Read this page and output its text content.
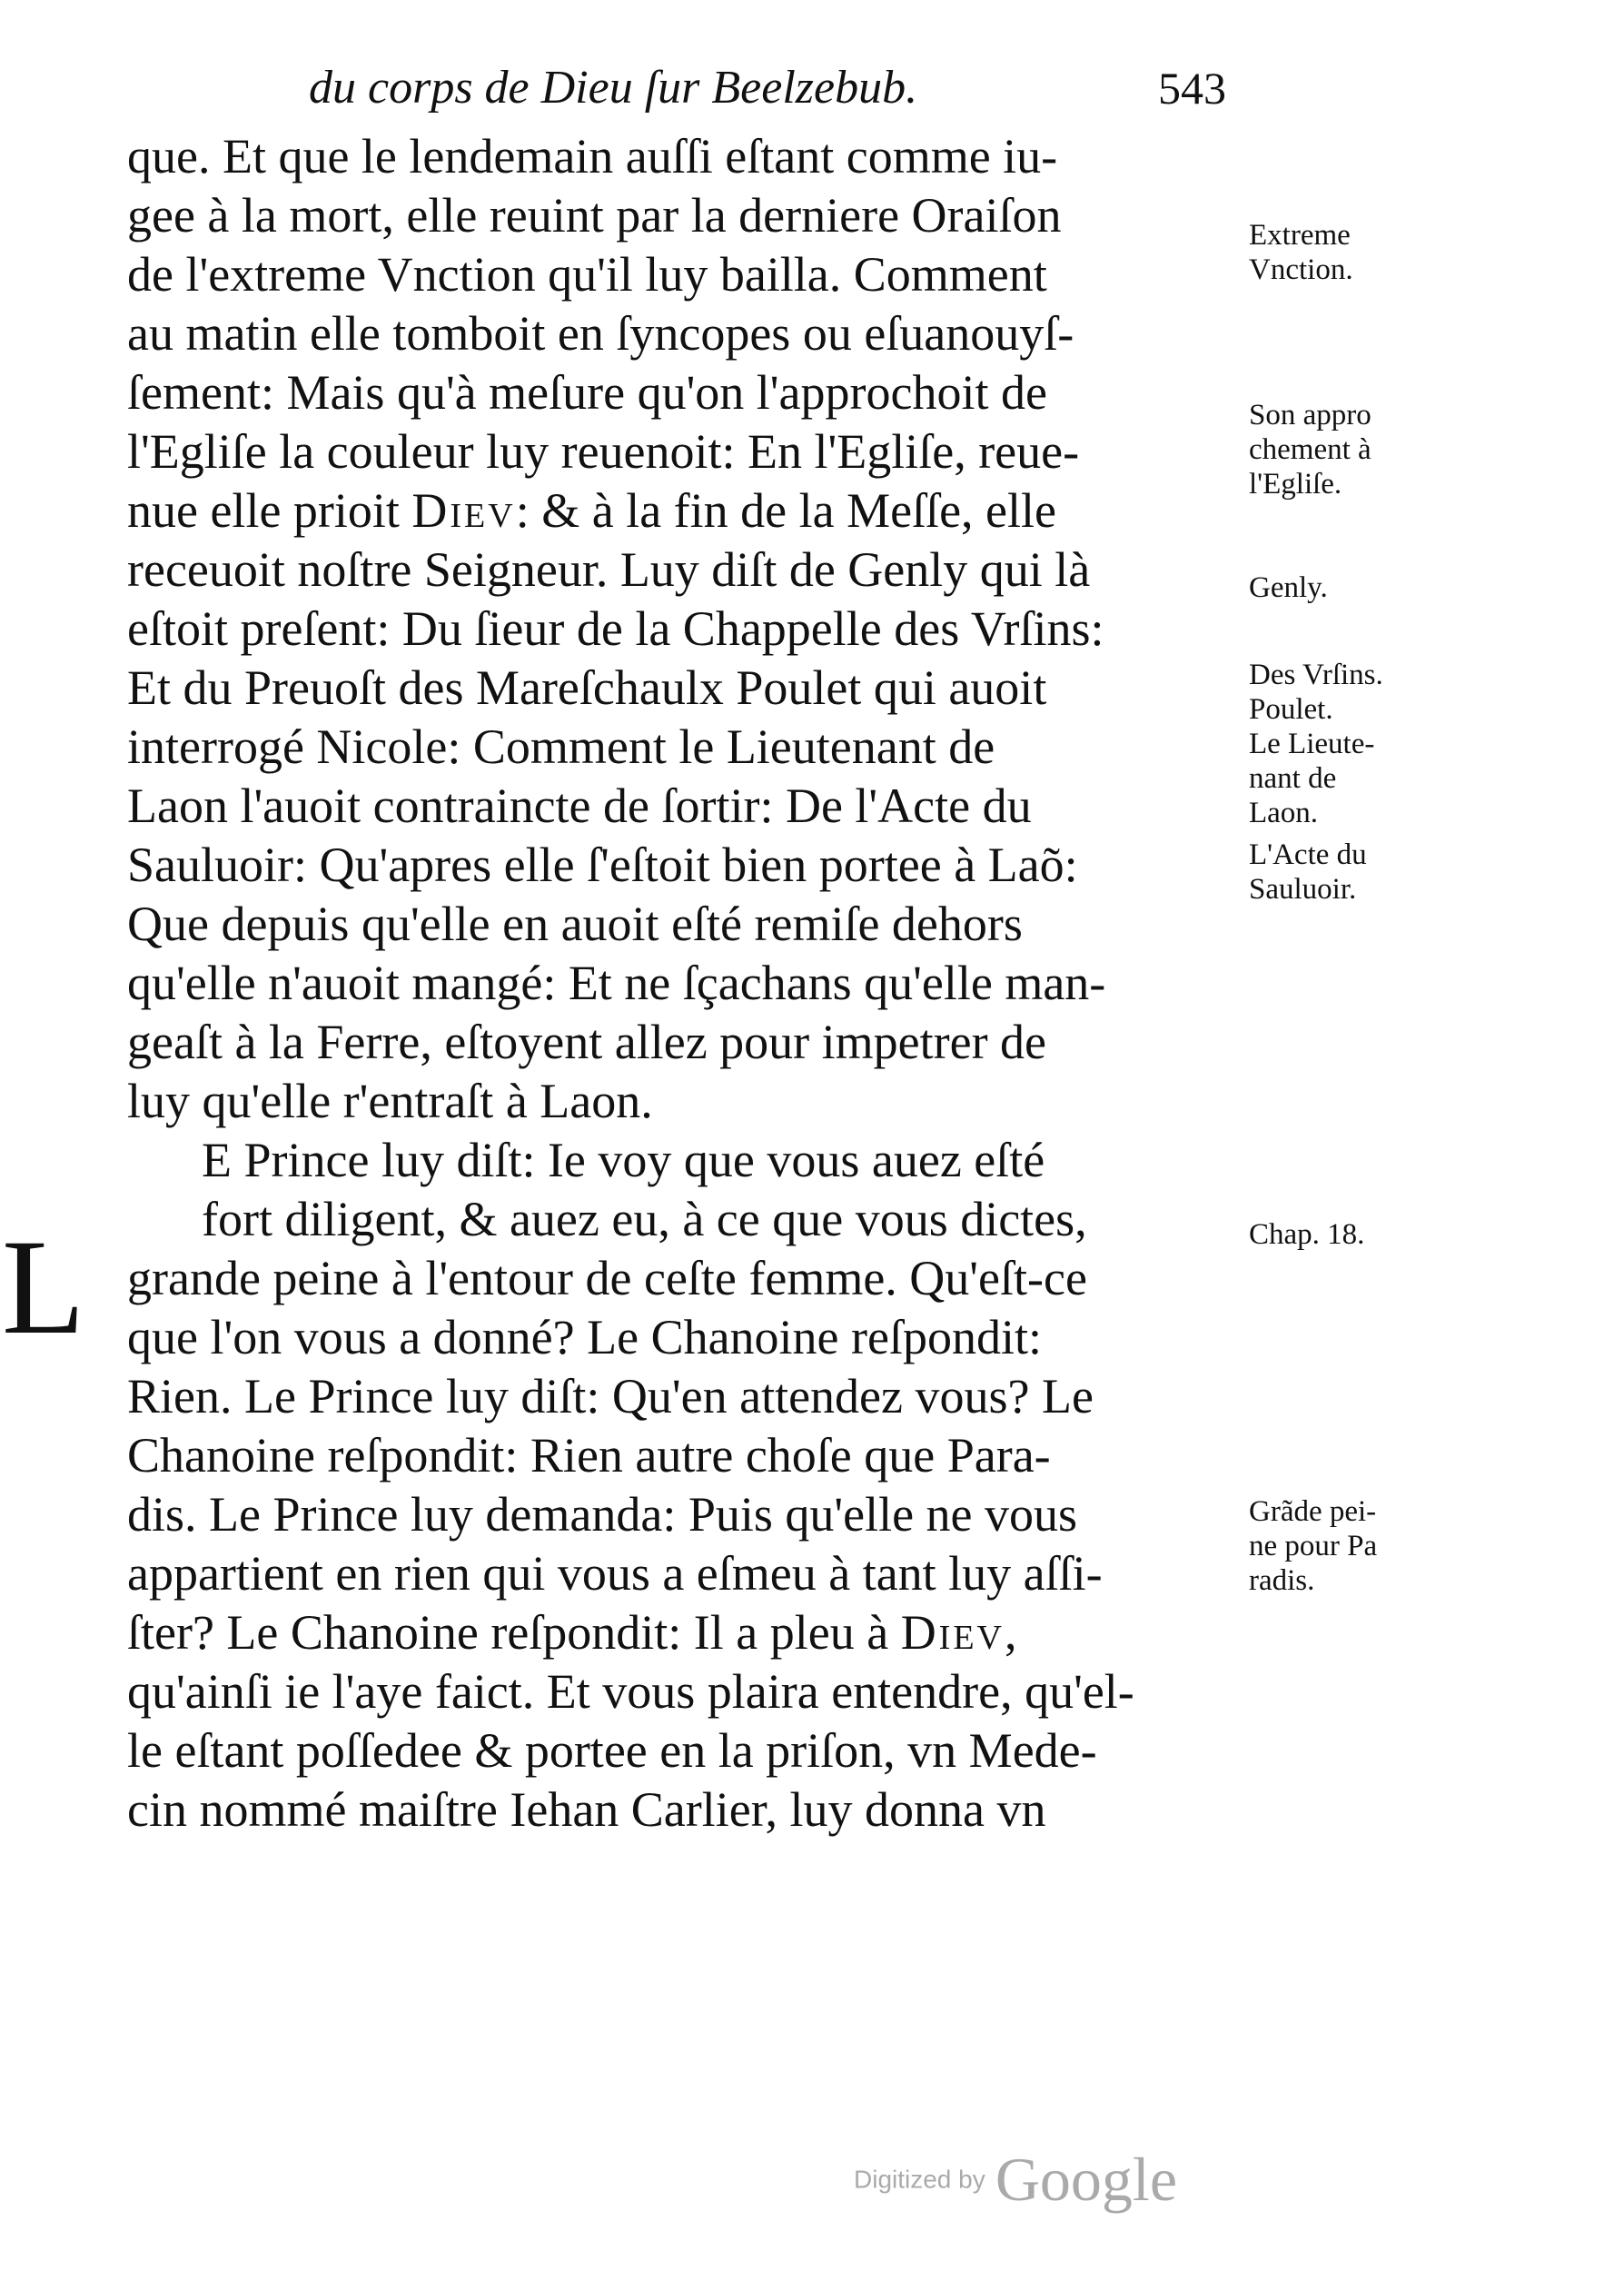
du corps de Dieu ſur Beelzebub.	543
que. Et que le lendemain auſſi eſtant comme iu-
gee à la mort, elle reuint par la derniere Oraiſon
de l'extreme Vnction qu'il luy bailla. Comment
au matin elle tomboit en ſyncopes ou eſuanouyſ-
ſement: Mais qu'à meſure qu'on l'approchoit de
l'Egliſe la couleur luy reuenoit: En l'Egliſe, reue-
nue elle prioit Diev: & à la fin de la Meſſe, elle
receuoit noſtre Seigneur. Luy diſt de Genly qui là
eſtoit preſent: Du ſieur de la Chappelle des Vrſins:
Et du Preuoſt des Mareſchaulx Poulet qui auoit
interrogé Nicole: Comment le Lieutenant de
Laon l'auoit contraincte de ſortir: De l'Acte du
Sauluoir: Qu'apres elle ſ'eſtoit bien portee à Laõ:
Que depuis qu'elle en auoit eſté remiſe dehors
qu'elle n'auoit mangé: Et ne ſçachans qu'elle man-
geaſt à la Ferre, eſtoyent allez pour impetrer de
luy qu'elle r'entraſt à Laon.
E Prince luy diſt: Ie voy que vous auez eſté
fort diligent, & auez eu, à ce que vous dictes,
grande peine à l'entour de ceſte femme. Qu'eſt-ce
que l'on vous a donné? Le Chanoine reſpondit:
Rien. Le Prince luy diſt: Qu'en attendez vous? Le
Chanoine reſpondit: Rien autre choſe que Para-
dis. Le Prince luy demanda: Puis qu'elle ne vous
appartient en rien qui vous a eſmeu à tant luy aſſi-
ſter? Le Chanoine reſpondit: Il a pleu à Diev,
qu'ainſi ie l'aye faict. Et vous plaira entendre, qu'el-
le eſtant poſſedee & portee en la priſon, vn Mede-
cin nommé maiſtre Iehan Carlier, luy donna vn
L
Extreme
Vnction.
Son appro
chement à
l'Egliſe.
Genly.
Des Vrſins.
Poulet.
Le Lieute-
nant de
Laon.
L'Acte du
Sauluoir.
Chap. 18.
Grãde pei-
ne pour Pa
radis.
Digitized by Google
